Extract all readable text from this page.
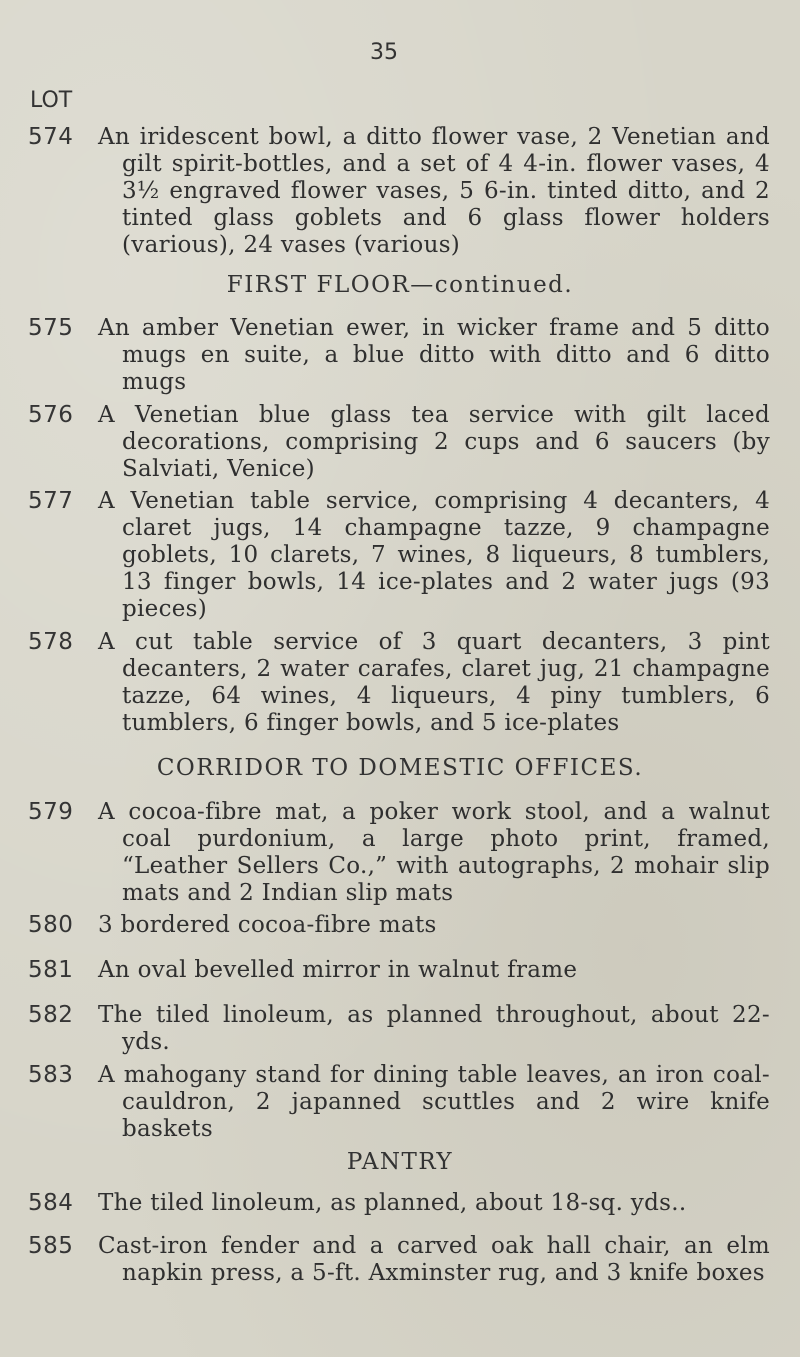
35
LOT
574	An iridescent bowl, a ditto flower vase, 2 Venetian and gilt spirit-bottles, and a set of 4 4-in. flower vases, 4 3½ engraved flower vases, 5 6-in. tinted ditto, and 2 tinted glass goblets and 6 glass flower holders (various), 24 vases (various)
FIRST FLOOR—continued.
575	An amber Venetian ewer, in wicker frame and 5 ditto mugs en suite, a blue ditto with ditto and 6 ditto mugs
576	A Venetian blue glass tea service with gilt laced decorations, comprising 2 cups and 6 saucers (by Salviati, Venice)
577	A Venetian table service, comprising 4 decanters, 4 claret jugs, 14 champagne tazze, 9 champagne goblets, 10 clarets, 7 wines, 8 liqueurs, 8 tumblers, 13 finger bowls, 14 ice-plates and 2 water jugs (93 pieces)
578	A cut table service of 3 quart decanters, 3 pint decanters, 2 water carafes, claret jug, 21 champagne tazze, 64 wines, 4 liqueurs, 4 piny tumblers, 6 tumblers, 6 finger bowls, and 5 ice-plates
CORRIDOR TO DOMESTIC OFFICES.
579	A cocoa-fibre mat, a poker work stool, and a walnut coal purdonium, a large photo print, framed, “Leather Sellers Co.,” with autographs, 2 mohair slip mats and 2 Indian slip mats
580	3 bordered cocoa-fibre mats
581	An oval bevelled mirror in walnut frame
582	The tiled linoleum, as planned throughout, about 22-yds.
583	A mahogany stand for dining table leaves, an iron coal-cauldron, 2 japanned scuttles and 2 wire knife baskets
PANTRY
584	The tiled linoleum, as planned, about 18-sq. yds..
585	Cast-iron fender and a carved oak hall chair, an elm napkin press, a 5-ft. Axminster rug, and 3 knife boxes
